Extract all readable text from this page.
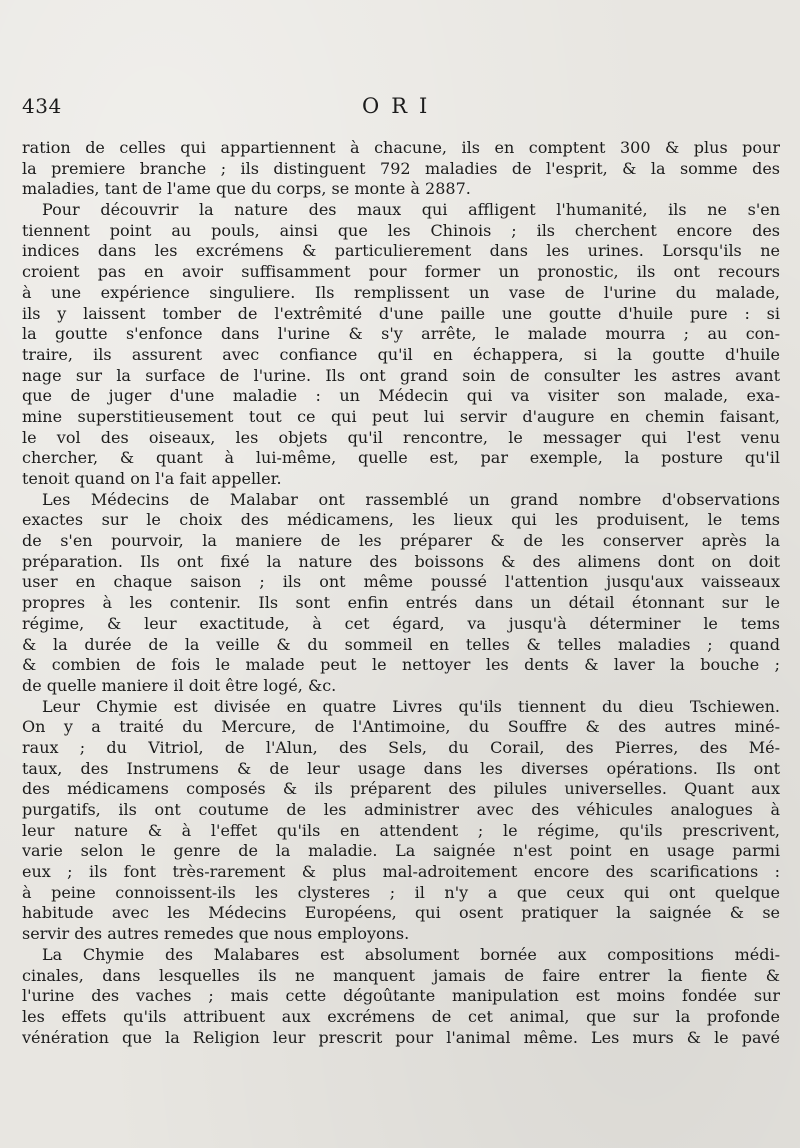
434	ORI
ration de celles qui appartiennent à chacune, ils en comptent 300 & plus pour
la premiere branche ; ils distinguent 792 maladies de l'esprit, & la somme des
maladies, tant de l'ame que du corps, se monte à 2887.
Pour découvrir la nature des maux qui affligent l'humanité, ils ne s'en
tiennent point au pouls, ainsi que les Chinois ; ils cherchent encore des
indices dans les excrémens & particulierement dans les urines. Lorsqu'ils ne
croient pas en avoir suffisamment pour former un pronostic, ils ont recours
à une expérience singuliere. Ils remplissent un vase de l'urine du malade,
ils y laissent tomber de l'extrêmité d'une paille une goutte d'huile pure : si
la goutte s'enfonce dans l'urine & s'y arrête, le malade mourra ; au con-
traire, ils assurent avec confiance qu'il en échappera, si la goutte d'huile
nage sur la surface de l'urine. Ils ont grand soin de consulter les astres avant
que de juger d'une maladie : un Médecin qui va visiter son malade, exa-
mine superstitieusement tout ce qui peut lui servir d'augure en chemin faisant,
le vol des oiseaux, les objets qu'il rencontre, le messager qui l'est venu
chercher, & quant à lui-même, quelle est, par exemple, la posture qu'il
tenoit quand on l'a fait appeller.
Les Médecins de Malabar ont rassemblé un grand nombre d'observations
exactes sur le choix des médicamens, les lieux qui les produisent, le tems
de s'en pourvoir, la maniere de les préparer & de les conserver après la
préparation. Ils ont fixé la nature des boissons & des alimens dont on doit
user en chaque saison ; ils ont même poussé l'attention jusqu'aux vaisseaux
propres à les contenir. Ils sont enfin entrés dans un détail étonnant sur le
régime, & leur exactitude, à cet égard, va jusqu'à déterminer le tems
& la durée de la veille & du sommeil en telles & telles maladies ; quand
& combien de fois le malade peut le nettoyer les dents & laver la bouche ;
de quelle maniere il doit être logé, &c.
Leur Chymie est divisée en quatre Livres qu'ils tiennent du dieu Tschiewen.
On y a traité du Mercure, de l'Antimoine, du Souffre & des autres miné-
raux ; du Vitriol, de l'Alun, des Sels, du Corail, des Pierres, des Mé-
taux, des Instrumens & de leur usage dans les diverses opérations. Ils ont
des médicamens composés & ils préparent des pilules universelles. Quant aux
purgatifs, ils ont coutume de les administrer avec des véhicules analogues à
leur nature & à l'effet qu'ils en attendent ; le régime, qu'ils prescrivent,
varie selon le genre de la maladie. La saignée n'est point en usage parmi
eux ; ils font très-rarement & plus mal-adroitement encore des scarifications :
à peine connoissent-ils les clysteres ; il n'y a que ceux qui ont quelque
habitude avec les Médecins Européens, qui osent pratiquer la saignée & se
servir des autres remedes que nous employons.
La Chymie des Malabares est absolument bornée aux compositions médi-
cinales, dans lesquelles ils ne manquent jamais de faire entrer la fiente &
l'urine des vaches ; mais cette dégoûtante manipulation est moins fondée sur
les effets qu'ils attribuent aux excrémens de cet animal, que sur la profonde
vénération que la Religion leur prescrit pour l'animal même. Les murs & le pavé
